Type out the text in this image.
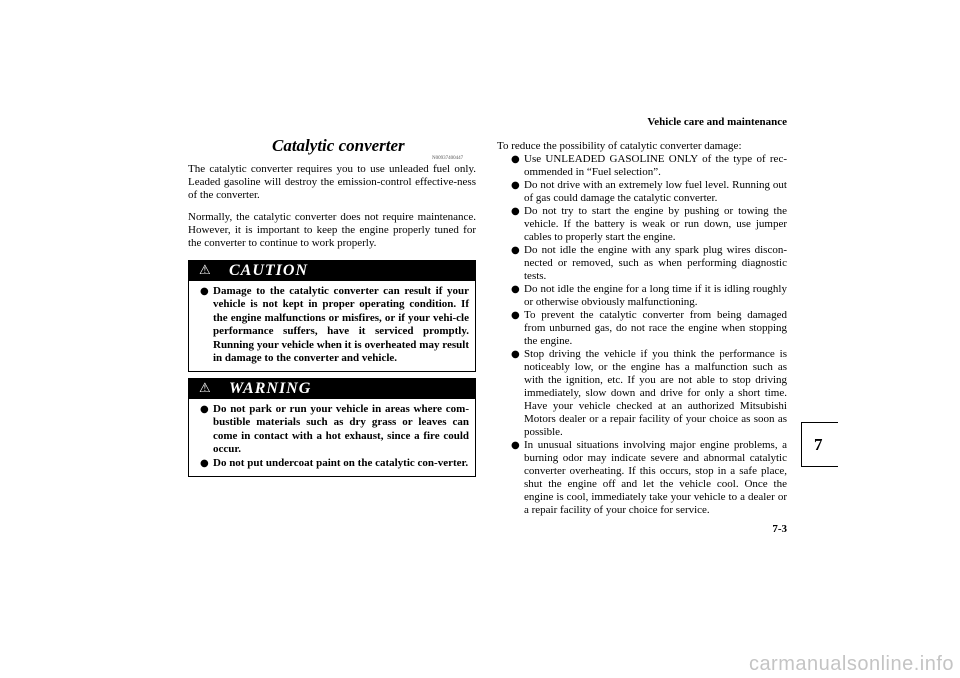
Vehicle care and maintenance
Catalytic converter
N00937400447

The catalytic converter requires you to use unleaded fuel only. Leaded gasoline will destroy the emission-control effective-ness of the converter.

Normally, the catalytic converter does not require maintenance. However, it is important to keep the engine properly tuned for the converter to continue to work properly.

⚠ CAUTION

● Damage to the catalytic converter can result if your vehicle is not kept in proper operating condition. If the engine malfunctions or misfires, or if your vehi-cle performance suffers, have it serviced promptly. Running your vehicle when it is overheated may result in damage to the converter and vehicle.

⚠ WARNING

● Do not park or run your vehicle in areas where com-bustible materials such as dry grass or leaves can come in contact with a hot exhaust, since a fire could occur.

● Do not put undercoat paint on the catalytic con-verter.

To reduce the possibility of catalytic converter damage:

● Use UNLEADED GASOLINE ONLY of the type of rec-ommended in “Fuel selection”.
● Do not drive with an extremely low fuel level. Running out of gas could damage the catalytic converter.
● Do not try to start the engine by pushing or towing the vehicle. If the battery is weak or run down, use jumper cables to properly start the engine.
● Do not idle the engine with any spark plug wires discon-nected or removed, such as when performing diagnostic tests.
● Do not idle the engine for a long time if it is idling roughly or otherwise obviously malfunctioning.
● To prevent the catalytic converter from being damaged from unburned gas, do not race the engine when stopping the engine.
● Stop driving the vehicle if you think the performance is noticeably low, or the engine has a malfunction such as with the ignition, etc. If you are not able to stop driving immediately, slow down and drive for only a short time. Have your vehicle checked at an authorized Mitsubishi Motors dealer or a repair facility of your choice as soon as possible.
● In unusual situations involving major engine problems, a burning odor may indicate severe and abnormal catalytic converter overheating. If this occurs, stop in a safe place, shut the engine off and let the vehicle cool. Once the engine is cool, immediately take your vehicle to a dealer or a repair facility of your choice for service.
7
7-3
carmanualsonline.info
